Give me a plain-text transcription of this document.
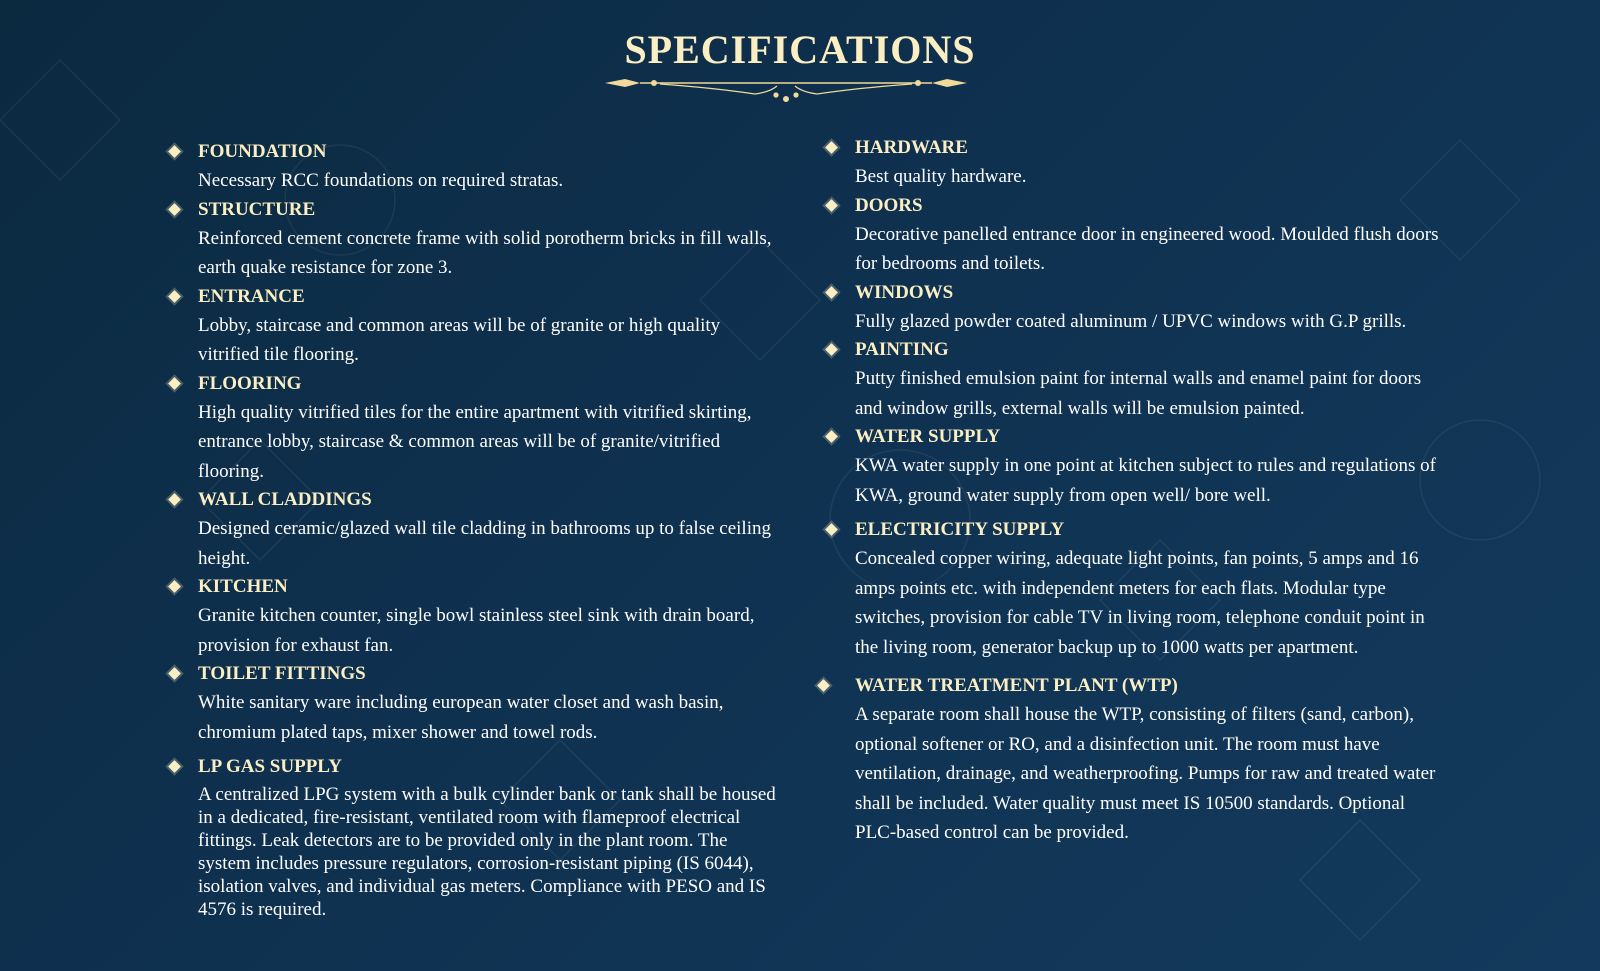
SPECIFICATIONS
FOUNDATION
Necessary RCC foundations on required stratas.
STRUCTURE
Reinforced cement concrete frame with solid porotherm bricks in fill walls, earth quake resistance for zone 3.
ENTRANCE
Lobby, staircase and common areas will be of granite or high quality vitrified tile flooring.
FLOORING
High quality vitrified tiles for the entire apartment with vitrified skirting, entrance lobby, staircase & common areas will be of granite/vitrified flooring.
WALL CLADDINGS
Designed ceramic/glazed wall tile cladding in bathrooms up to false ceiling height.
KITCHEN
Granite kitchen counter, single bowl stainless steel sink with drain board, provision for exhaust fan.
TOILET FITTINGS
White sanitary ware including european water closet and wash basin, chromium plated taps, mixer shower and towel rods.
LP GAS SUPPLY
A centralized LPG system with a bulk cylinder bank or tank shall be housed in a dedicated, fire-resistant, ventilated room with flameproof electrical fittings. Leak detectors are to be provided only in the plant room. The system includes pressure regulators, corrosion-resistant piping (IS 6044), isolation valves, and individual gas meters. Compliance with PESO and IS 4576 is required.
HARDWARE
Best quality hardware.
DOORS
Decorative panelled entrance door in engineered wood. Moulded flush doors for bedrooms and toilets.
WINDOWS
Fully glazed powder coated aluminum / UPVC windows with G.P grills.
PAINTING
Putty finished emulsion paint for internal walls and enamel paint for doors and window grills, external walls will be emulsion painted.
WATER SUPPLY
KWA water supply in one point at kitchen subject to rules and regulations of KWA, ground water supply from open well/ bore well.
ELECTRICITY SUPPLY
Concealed copper wiring, adequate light points, fan points, 5 amps and 16 amps points etc. with independent meters for each flats. Modular type switches, provision for cable TV in living room, telephone conduit point in the living room, generator backup up to 1000 watts per apartment.
WATER TREATMENT PLANT (WTP)
A separate room shall house the WTP, consisting of filters (sand, carbon), optional softener or RO, and a disinfection unit. The room must have ventilation, drainage, and weatherproofing. Pumps for raw and treated water shall be included. Water quality must meet IS 10500 standards. Optional PLC-based control can be provided.
